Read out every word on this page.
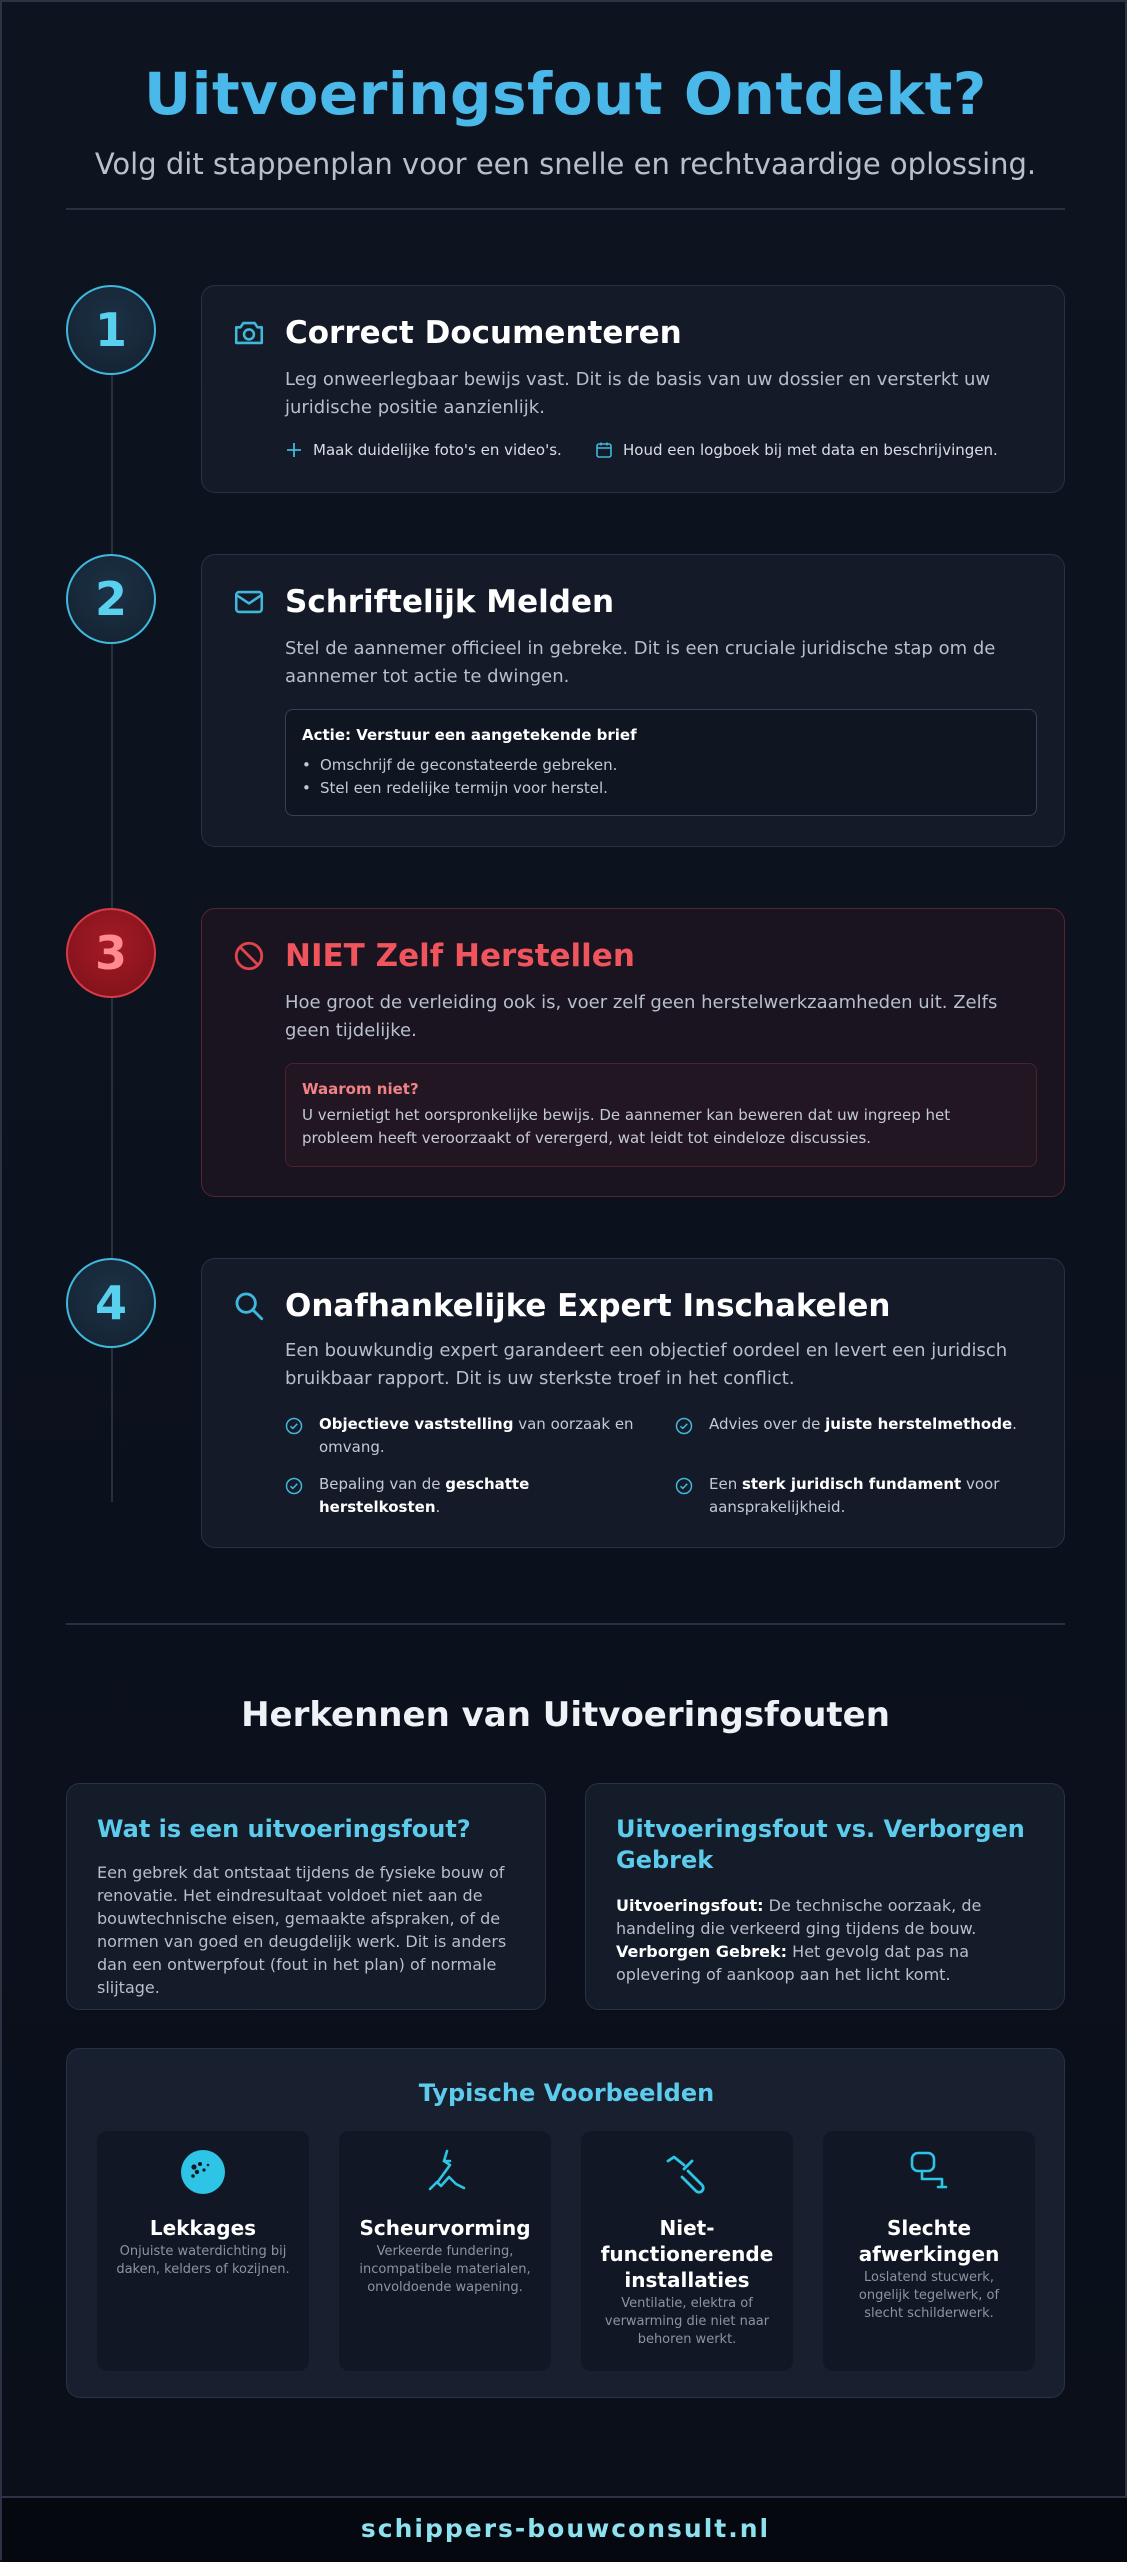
Uitvoeringsfout Ontdekt?
Volg dit stappenplan voor een snelle en rechtvaardige oplossing.
1	Correct Documenteren
Leg onweerlegbaar bewijs vast. Dit is de basis van uw dossier en versterkt uw juridische positie aanzienlijk.
Maak duidelijke foto's en video's.	Houd een logboek bij met data en beschrijvingen.
2	Schriftelijk Melden
Stel de aannemer officieel in gebreke. Dit is een cruciale juridische stap om de aannemer tot actie te dwingen.
Actie: Verstuur een aangetekende brief
• Omschrijf de geconstateerde gebreken.
• Stel een redelijke termijn voor herstel.
3	NIET Zelf Herstellen
Hoe groot de verleiding ook is, voer zelf geen herstelwerkzaamheden uit. Zelfs geen tijdelijke.
Waarom niet?
U vernietigt het oorspronkelijke bewijs. De aannemer kan beweren dat uw ingreep het probleem heeft veroorzaakt of verergerd, wat leidt tot eindeloze discussies.
4	Onafhankelijke Expert Inschakelen
Een bouwkundig expert garandeert een objectief oordeel en levert een juridisch bruikbaar rapport. Dit is uw sterkste troef in het conflict.
Objectieve vaststelling van oorzaak en omvang.
Advies over de juiste herstelmethode.
Bepaling van de geschatte herstelkosten.
Een sterk juridisch fundament voor aansprakelijkheid.
Herkennen van Uitvoeringsfouten
Wat is een uitvoeringsfout?
Een gebrek dat ontstaat tijdens de fysieke bouw of renovatie. Het eindresultaat voldoet niet aan de bouwtechnische eisen, gemaakte afspraken, of de normen van goed en deugdelijk werk. Dit is anders dan een ontwerpfout (fout in het plan) of normale slijtage.
Uitvoeringsfout vs. Verborgen Gebrek
Uitvoeringsfout: De technische oorzaak, de handeling die verkeerd ging tijdens de bouw.
Verborgen Gebrek: Het gevolg dat pas na oplevering of aankoop aan het licht komt.
Typische Voorbeelden
Lekkages
Onjuiste waterdichting bij daken, kelders of kozijnen.
Scheurvorming
Verkeerde fundering, incompatibele materialen, onvoldoende wapening.
Niet-functionerende installaties
Ventilatie, elektra of verwarming die niet naar behoren werkt.
Slechte afwerkingen
Loslatend stucwerk, ongelijk tegelwerk, of slecht schilderwerk.
schippers-bouwconsult.nl
